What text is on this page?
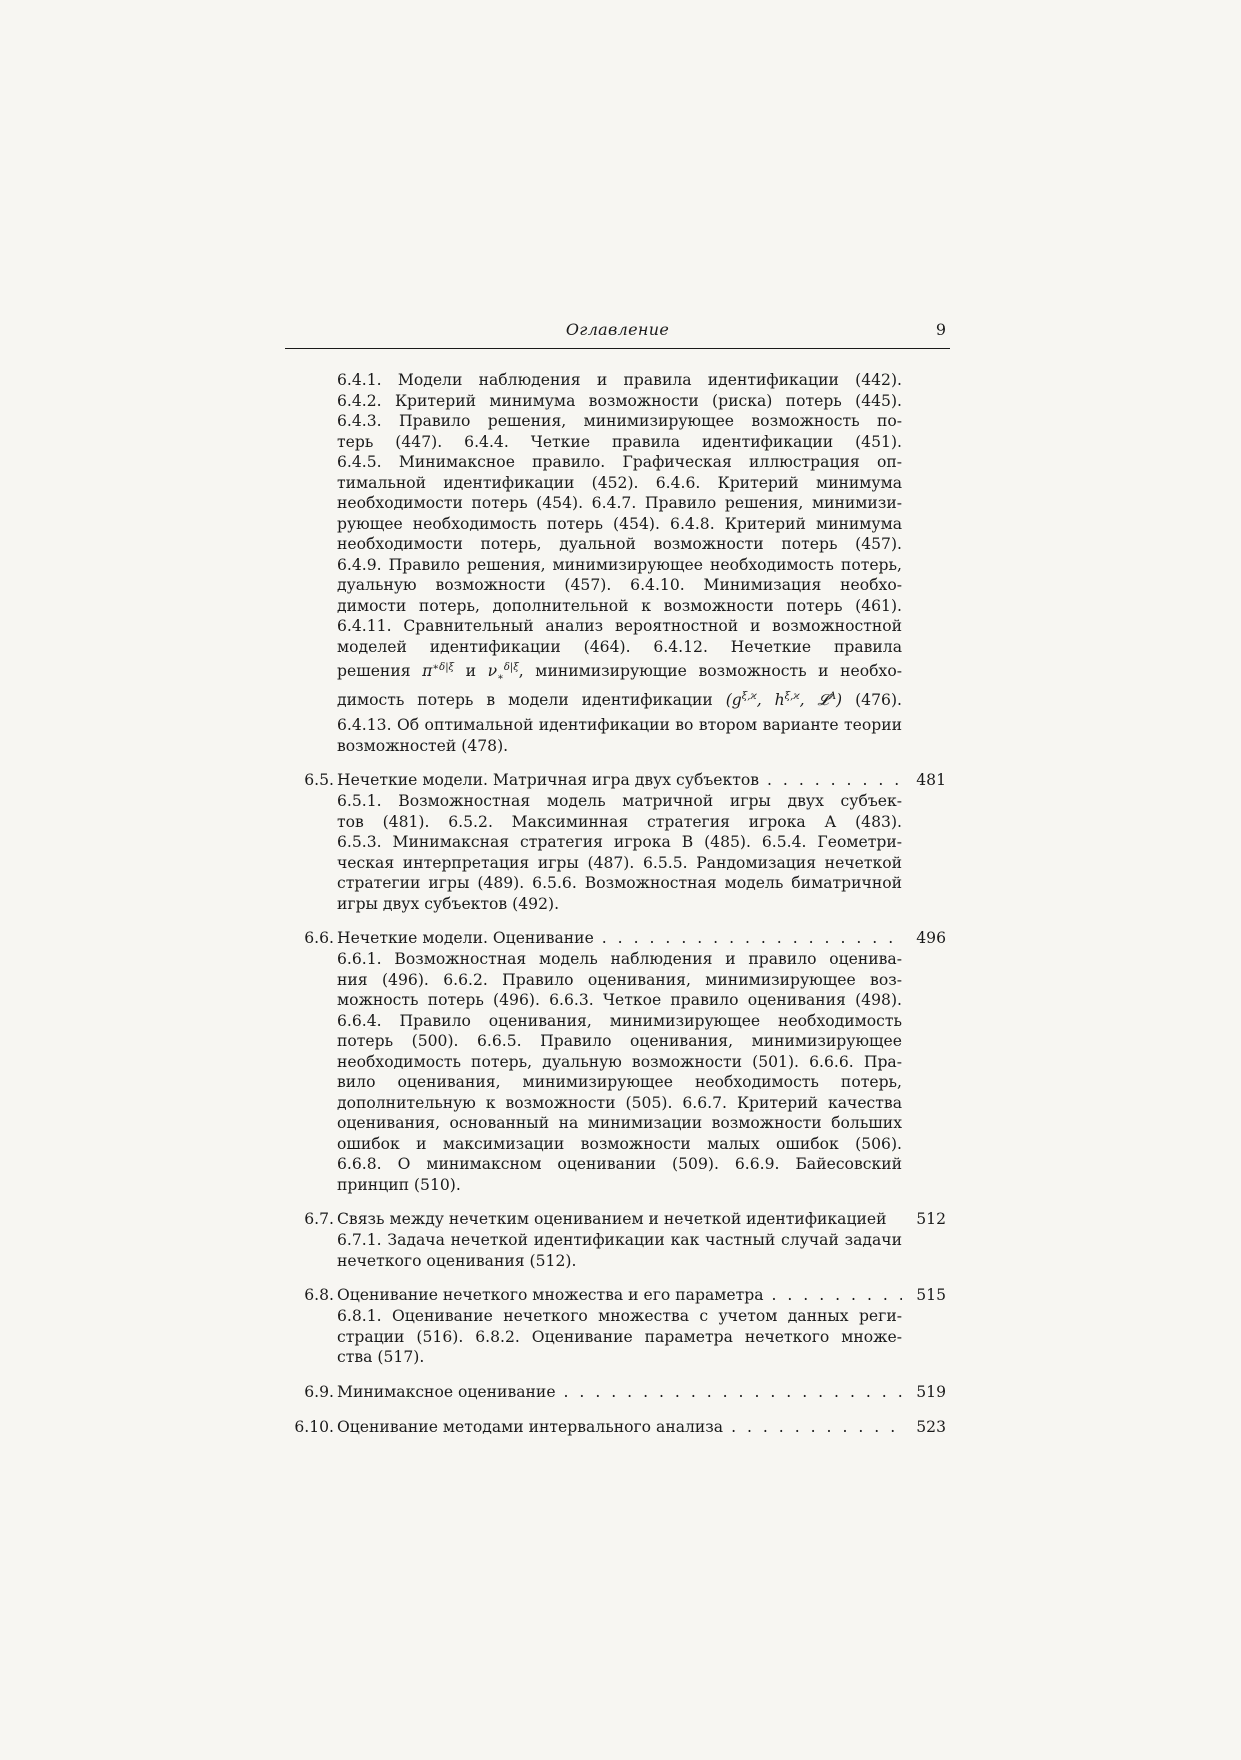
Оглавление	9
6.4.1. Модели наблюдения и правила идентификации (442).
6.4.2. Критерий минимума возможности (риска) потерь (445).
6.4.3. Правило решения, минимизирующее возможность по-
терь (447). 6.4.4. Четкие правила идентификации (451).
6.4.5. Минимаксное правило. Графическая иллюстрация оп-
тимальной идентификации (452). 6.4.6. Критерий минимума
необходимости потерь (454). 6.4.7. Правило решения, минимизи-
рующее необходимость потерь (454). 6.4.8. Критерий минимума
необходимости потерь, дуальной возможности потерь (457).
6.4.9. Правило решения, минимизирующее необходимость потерь,
дуальную возможности (457). 6.4.10. Минимизация необхо-
димости потерь, дополнительной к возможности потерь (461).
6.4.11. Сравнительный анализ вероятностной и возможностной
моделей идентификации (464). 6.4.12. Нечеткие правила
решения $\pi^{∗\delta|\xi}$ и $\nu_∗^{\delta|\xi}$, минимизирующие возможность и необхо-
димость потерь в модели идентификации ($g^{\xi,ϰ}$, $h^{\xi,ϰ}$, 𝓛$^\Lambda$) (476).
6.4.13. Об оптимальной идентификации во втором варианте теории
возможностей (478).
6.5. Нечеткие модели. Матричная игра двух субъектов . . .	481
6.5.1. Возможностная модель матричной игры двух субъек-
тов (481). 6.5.2. Максиминная стратегия игрока А (483).
6.5.3. Минимаксная стратегия игрока В (485). 6.5.4. Геометри-
ческая интерпретация игры (487). 6.5.5. Рандомизация нечеткой
стратегии игры (489). 6.5.6. Возможностная модель биматричной
игры двух субъектов (492).
6.6. Нечеткие модели. Оценивание . . .	496
6.6.1. Возможностная модель наблюдения и правило оценива-
ния (496). 6.6.2. Правило оценивания, минимизирующее воз-
можность потерь (496). 6.6.3. Четкое правило оценивания (498).
6.6.4. Правило оценивания, минимизирующее необходимость
потерь (500). 6.6.5. Правило оценивания, минимизирующее
необходимость потерь, дуальную возможности (501). 6.6.6. Пра-
вило оценивания, минимизирующее необходимость потерь,
дополнительную к возможности (505). 6.6.7. Критерий качества
оценивания, основанный на минимизации возможности больших
ошибок и максимизации возможности малых ошибок (506).
6.6.8. О минимаксном оценивании (509). 6.6.9. Байесовский
принцип (510).
6.7. Связь между нечетким оцениванием и нечеткой идентификацией	512
6.7.1. Задача нечеткой идентификации как частный случай задачи
нечеткого оценивания (512).
6.8. Оценивание нечеткого множества и его параметра . . .	515
6.8.1. Оценивание нечеткого множества с учетом данных реги-
страции (516). 6.8.2. Оценивание параметра нечеткого множе-
ства (517).
6.9. Минимаксное оценивание . . .	519
6.10. Оценивание методами интервального анализа . . .	523
